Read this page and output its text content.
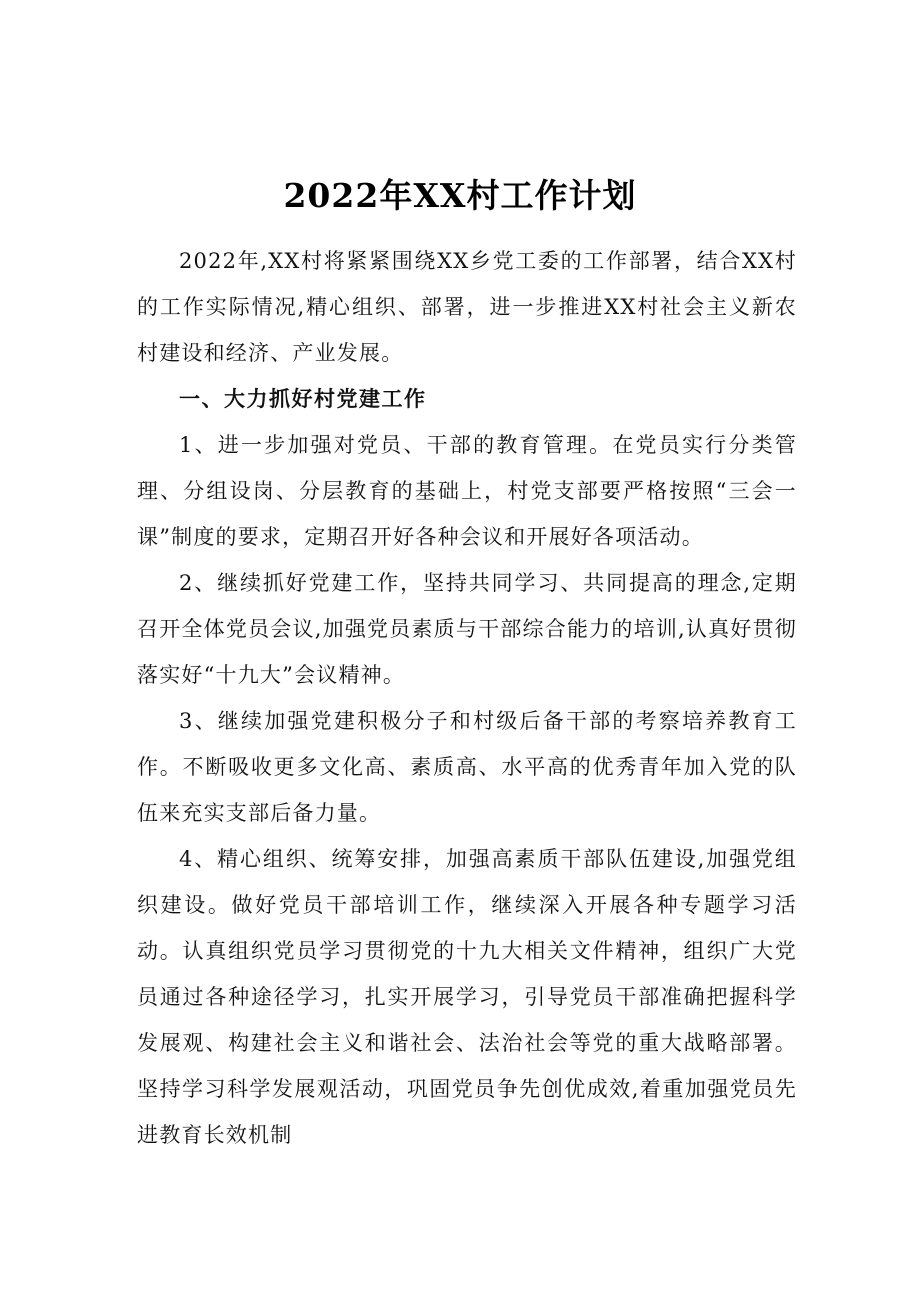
2022年XX村工作计划

2022年,XX村将紧紧围绕XX乡党工委的工作部署，结合XX村的工作实际情况,精心组织、部署，进一步推进XX村社会主义新农村建设和经济、产业发展。

一、大力抓好村党建工作

1、进一步加强对党员、干部的教育管理。在党员实行分类管理、分组设岗、分层教育的基础上，村党支部要严格按照“三会一课”制度的要求，定期召开好各种会议和开展好各项活动。

2、继续抓好党建工作，坚持共同学习、共同提高的理念,定期召开全体党员会议,加强党员素质与干部综合能力的培训,认真好贯彻落实好“十九大”会议精神。

3、继续加强党建积极分子和村级后备干部的考察培养教育工作。不断吸收更多文化高、素质高、水平高的优秀青年加入党的队伍来充实支部后备力量。

4、精心组织、统筹安排，加强高素质干部队伍建设,加强党组织建设。做好党员干部培训工作，继续深入开展各种专题学习活动。认真组织党员学习贯彻党的十九大相关文件精神，组织广大党员通过各种途径学习，扎实开展学习，引导党员干部准确把握科学发展观、构建社会主义和谐社会、法治社会等党的重大战略部署。坚持学习科学发展观活动，巩固党员争先创优成效,着重加强党员先进教育长效机制
